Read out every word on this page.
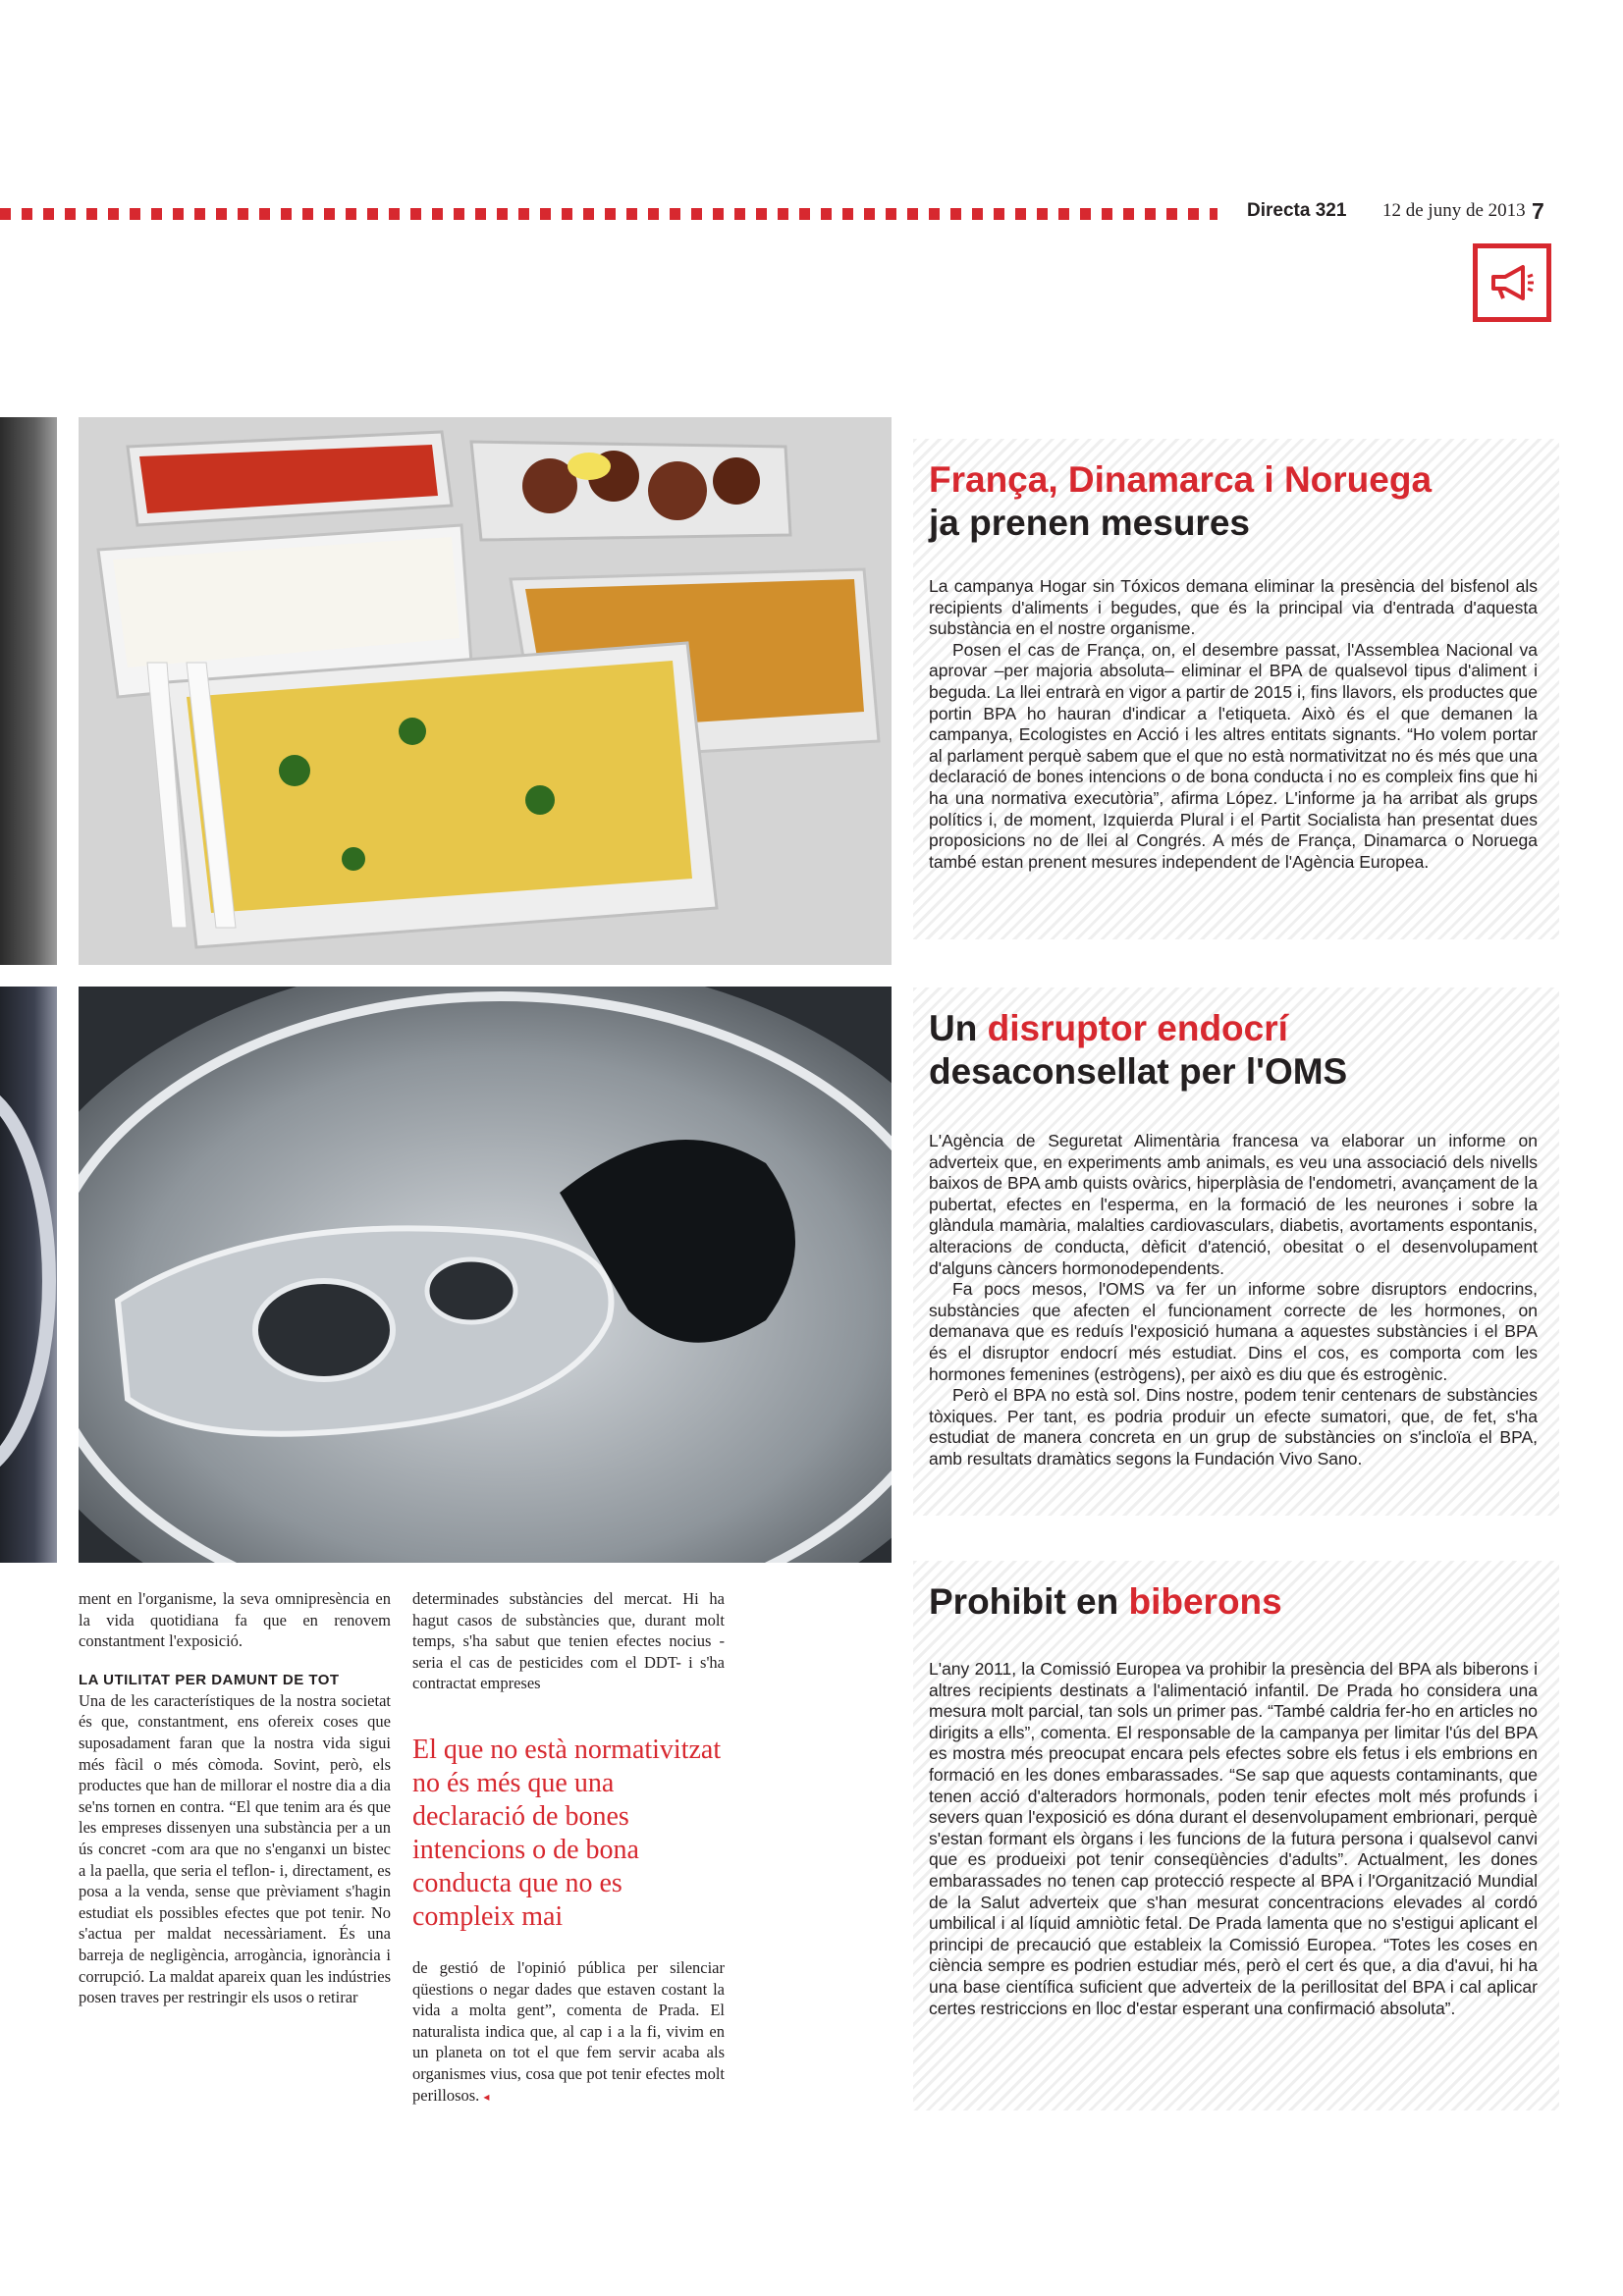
Directa 321 12 de juny de 2013 7
França, Dinamarca i Noruega
ja prenen mesures

La campanya Hogar sin Tóxicos demana eliminar la presència del bisfenol als recipients d'aliments i begudes, que és la principal via d'entrada d'aquesta substància en el nostre organisme.

Posen el cas de França, on, el desembre passat, l'Assemblea Nacional va aprovar –per majoria absoluta– eliminar el BPA de qualsevol tipus d'aliment i beguda. La llei entrarà en vigor a partir de 2015 i, fins llavors, els productes que portin BPA ho hauran d'indicar a l'etiqueta. Això és el que demanen la campanya, Ecologistes en Acció i les altres entitats signants. “Ho volem portar al parlament perquè sabem que el que no està normativitzat no és més que una declaració de bones intencions o de bona conducta i no es compleix fins que hi ha una normativa executòria”, afirma López. L'informe ja ha arribat als grups polítics i, de moment, Izquierda Plural i el Partit Socialista han presentat dues proposicions no de llei al Congrés. A més de França, Dinamarca o Noruega també estan prenent mesures independent de l'Agència Europea.

Un disruptor endocrí
desaconsellat per l'OMS

L'Agència de Seguretat Alimentària francesa va elaborar un informe on adverteix que, en experiments amb animals, es veu una associació dels nivells baixos de BPA amb quists ovàrics, hiperplàsia de l'endometri, avançament de la pubertat, efectes en l'esperma, en la formació de les neurones i sobre la glàndula mamària, malalties cardiovasculars, diabetis, avortaments espontanis, alteracions de conducta, dèficit d'atenció, obesitat o el desenvolupament d'alguns càncers hormonodependents.

Fa pocs mesos, l'OMS va fer un informe sobre disruptors endocrins, substàncies que afecten el funcionament correcte de les hormones, on demanava que es reduís l'exposició humana a aquestes substàncies i el BPA és el disruptor endocrí més estudiat. Dins el cos, es comporta com les hormones femenines (estrògens), per això es diu que és estrogènic.

Però el BPA no està sol. Dins nostre, podem tenir centenars de substàncies tòxiques. Per tant, es podria produir un efecte sumatori, que, de fet, s'ha estudiat de manera concreta en un grup de substàncies on s'incloïa el BPA, amb resultats dramàtics segons la Fundación Vivo Sano.

Prohibit en biberons

L'any 2011, la Comissió Europea va prohibir la presència del BPA als biberons i altres recipients destinats a l'alimentació infantil. De Prada ho considera una mesura molt parcial, tan sols un primer pas. “També caldria fer-ho en articles no dirigits a ells”, comenta. El responsable de la campanya per limitar l'ús del BPA es mostra més preocupat encara pels efectes sobre els fetus i els embrions en formació en les dones embarassades. “Se sap que aquests contaminants, que tenen acció d'alteradors hormonals, poden tenir efectes molt més profunds i severs quan l'exposició es dóna durant el desenvolupament embrionari, perquè s'estan formant els òrgans i les funcions de la futura persona i qualsevol canvi que es produeixi pot tenir conseqüències d'adults”. Actualment, les dones embarassades no tenen cap protecció respecte al BPA i l'Organització Mundial de la Salut adverteix que s'han mesurat concentracions elevades al cordó umbilical i al líquid amniòtic fetal. De Prada lamenta que no s'estigui aplicant el principi de precaució que estableix la Comissió Europea. “Totes les coses en ciència sempre es podrien estudiar més, però el cert és que, a dia d'avui, hi ha una base científica suficient que adverteix de la perillositat del BPA i cal aplicar certes restriccions en lloc d'estar esperant una confirmació absoluta”.

ment en l'organisme, la seva omnipresència en la vida quotidiana fa que en renovem constantment l'exposició.

LA UTILITAT PER DAMUNT DE TOT

Una de les característiques de la nostra societat és que, constantment, ens ofereix coses que suposadament faran que la nostra vida sigui més fàcil o més còmoda. Sovint, però, els productes que han de millorar el nostre dia a dia se'ns tornen en contra. “El que tenim ara és que les empreses dissenyen una substància per a un ús concret -com ara que no s'enganxi un bistec a la paella, que seria el teflon- i, directament, es posa a la venda, sense que prèviament s'hagin estudiat els possibles efectes que pot tenir. No s'actua per maldat necessàriament. És una barreja de negligència, arrogància, ignorància i corrupció. La maldat apareix quan les indústries posen traves per restringir els usos o retirar

determinades substàncies del mercat. Hi ha hagut casos de substàncies que, durant molt temps, s'ha sabut que tenien efectes nocius -seria el cas de pesticides com el DDT- i s'ha contractat empreses

El que no està normativitzat no és més que una declaració de bones intencions o de bona conducta que no es compleix mai

de gestió de l'opinió pública per silenciar qüestions o negar dades que estaven costant la vida a molta gent”, comenta de Prada. El naturalista indica que, al cap i a la fi, vivim en un planeta on tot el que fem servir acaba als organismes vius, cosa que pot tenir efectes molt perillosos. ◂
